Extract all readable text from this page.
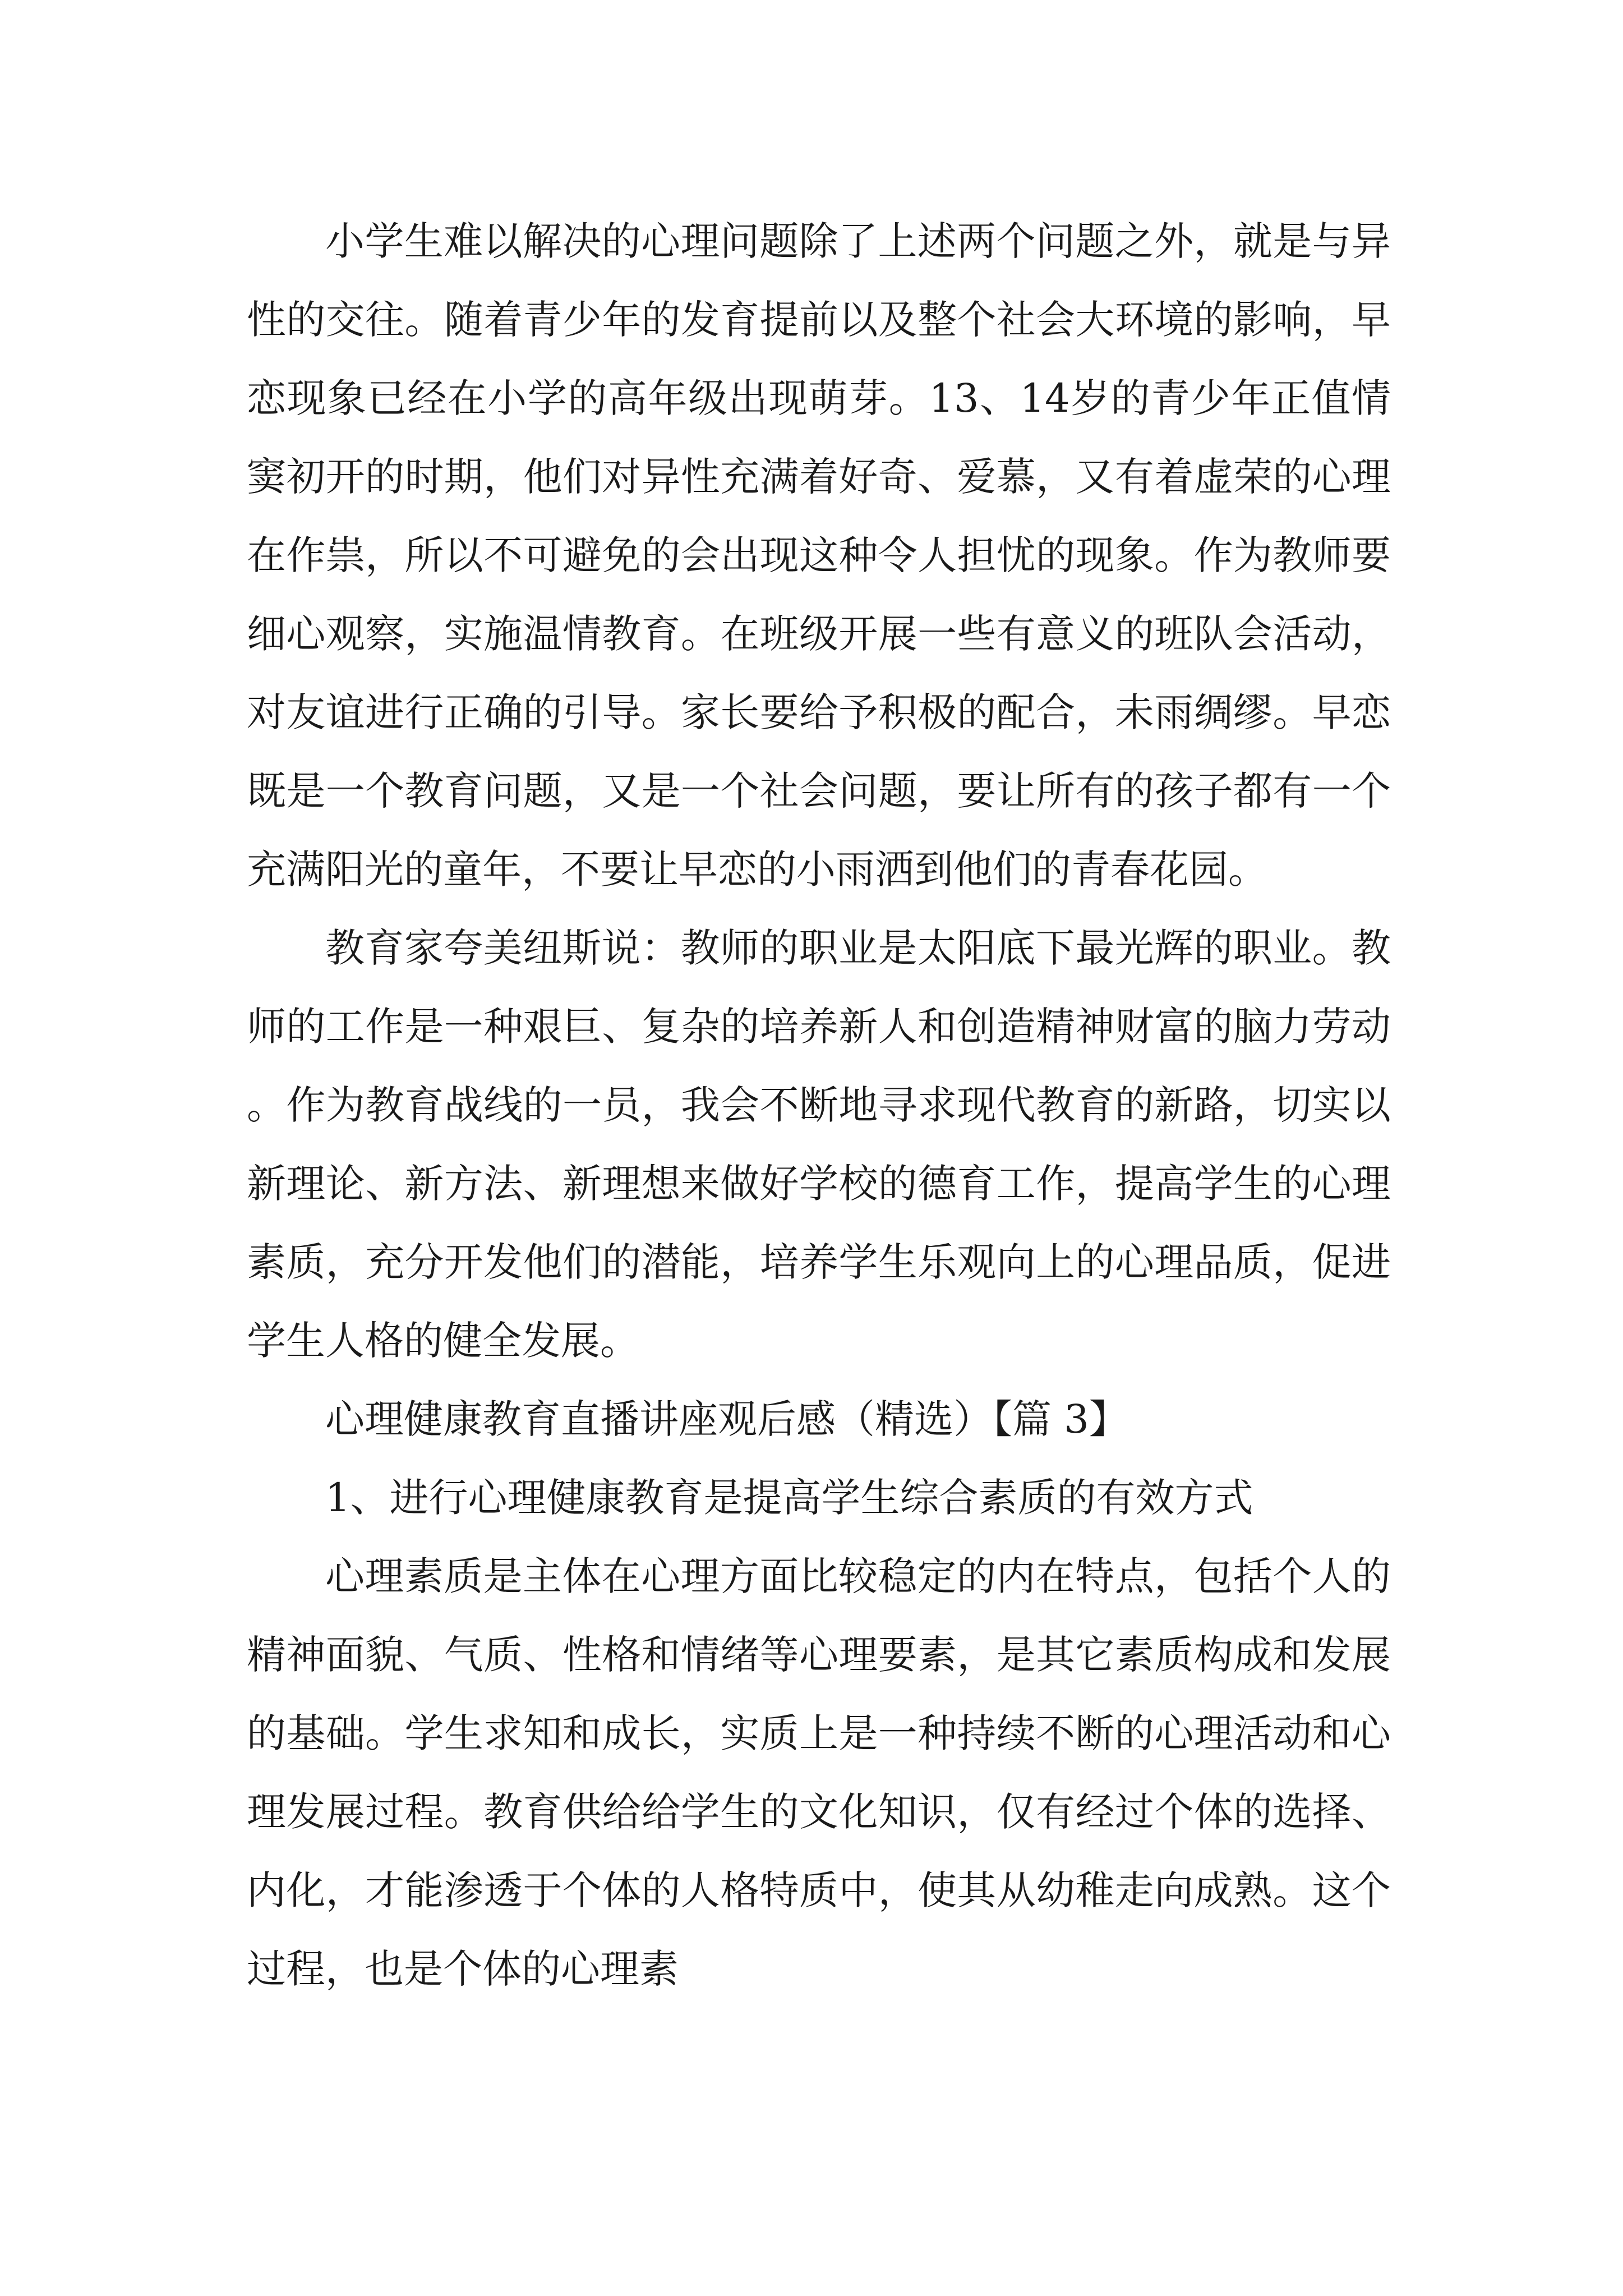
小学生难以解决的心理问题除了上述两个问题之外，就是与异性的交往。随着青少年的发育提前以及整个社会大环境的影响，早恋现象已经在小学的高年级出现萌芽。13、14岁的青少年正值情窦初开的时期，他们对异性充满着好奇、爱慕，又有着虚荣的心理在作祟，所以不可避免的会出现这种令人担忧的现象。作为教师要细心观察，实施温情教育。在班级开展一些有意义的班队会活动，对友谊进行正确的引导。家长要给予积极的配合，未雨绸缪。早恋既是一个教育问题，又是一个社会问题，要让所有的孩子都有一个充满阳光的童年，不要让早恋的小雨洒到他们的青春花园。

教育家夸美纽斯说：教师的职业是太阳底下最光辉的职业。教师的工作是一种艰巨、复杂的培养新人和创造精神财富的脑力劳动。作为教育战线的一员，我会不断地寻求现代教育的新路，切实以新理论、新方法、新理想来做好学校的德育工作，提高学生的心理素质，充分开发他们的潜能，培养学生乐观向上的心理品质，促进学生人格的健全发展。

心理健康教育直播讲座观后感（精选）【篇 3】

1、进行心理健康教育是提高学生综合素质的有效方式

心理素质是主体在心理方面比较稳定的内在特点，包括个人的精神面貌、气质、性格和情绪等心理要素，是其它素质构成和发展的基础。学生求知和成长，实质上是一种持续不断的心理活动和心理发展过程。教育供给给学生的文化知识，仅有经过个体的选择、内化，才能渗透于个体的人格特质中，使其从幼稚走向成熟。这个过程，也是个体的心理素
